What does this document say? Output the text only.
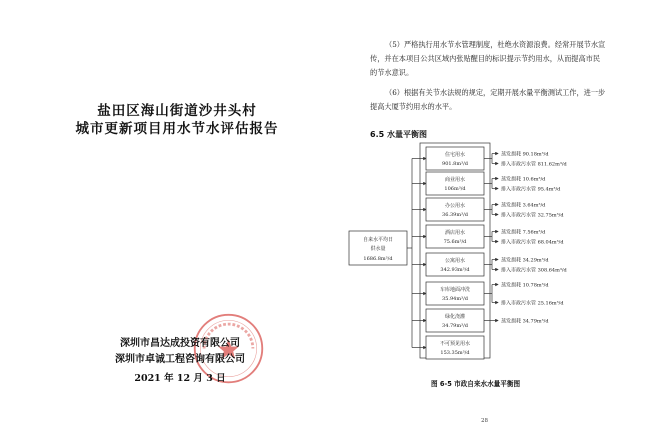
盐田区海山街道沙井头村
城市更新项目用水节水评估报告
深圳市昌达成投资有限公司
深圳市卓诚工程咨询有限公司
2021 年 12 月 3 日
（5）严格执行用水节水管理制度，杜绝水资源浪费。经常开展节水宣传，并在本项目公共区域内张贴醒目的标识提示节约用水，从而提高市民的节水意识。
（6）根据有关节水法规的规定，定期开展水量平衡测试工作，进一步提高大厦节约用水的水平。
6.5 水量平衡图
自来水平均日
供水量
1686.8m³/d
住宅用水
901.8m³/d
蒸发损耗 90.18m³/d
排入市政污水管 811.62m³/d
商业用水
106m³/d
蒸发损耗 10.6m³/d
排入市政污水管 95.4m³/d
办公用水
36.39m³/d
蒸发损耗 3.64m³/d
排入市政污水管 32.75m³/d
酒店用水
75.6m³/d
蒸发损耗 7.56m³/d
排入市政污水管 68.04m³/d
公寓用水
342.93m³/d
蒸发损耗 34.29m³/d
排入市政污水管 308.64m³/d
车库地面冲洗
35.94m³/d
蒸发损耗 10.78m³/d
排入市政污水管 25.16m³/d
绿化浇灌
34.79m³/d
蒸发损耗 34.79m³/d
不可预见用水
153.35m³/d
图 6-5 市政自来水水量平衡图
28
